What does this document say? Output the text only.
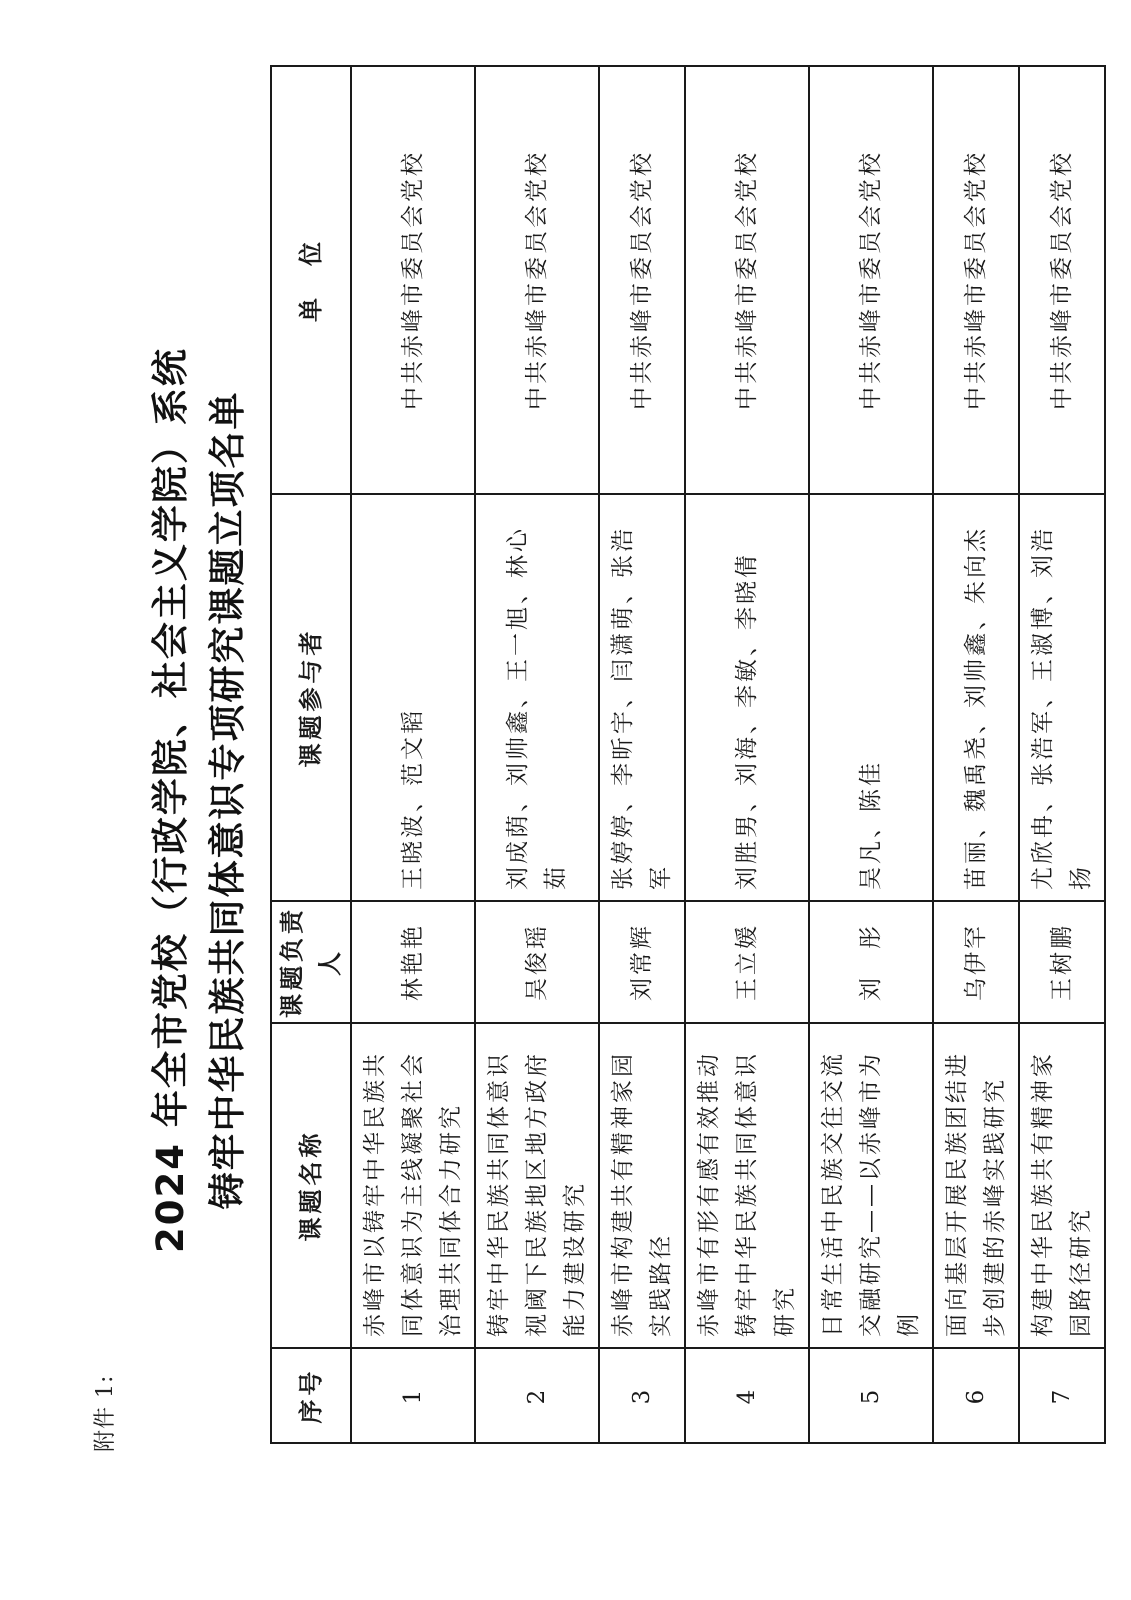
附件 1:
2024 年全市党校（行政学院、社会主义学院）系统 铸牢中华民族共同体意识专项研究课题立项名单
序号	课题名称	课题负责人	课题参与者	单　位
1	赤峰市以铸牢中华民族共同体意识为主线凝聚社会治理共同体合力研究	林艳艳	王晓波、范文韬	中共赤峰市委员会党校
2	铸牢中华民族共同体意识视阈下民族地区地方政府能力建设研究	吴俊瑶	刘成荫、刘帅鑫、王一旭、林心茹	中共赤峰市委员会党校
3	赤峰市构建共有精神家园实践路径	刘常辉	张婷婷、李昕宇、闫潇萌、张浩军	中共赤峰市委员会党校
4	赤峰市有形有感有效推动铸牢中华民族共同体意识研究	王立媛	刘胜男、刘海、李敏、李晓倩	中共赤峰市委员会党校
5	日常生活中民族交往交流交融研究——以赤峰市为例	刘　彤	吴凡、陈佳	中共赤峰市委员会党校
6	面向基层开展民族团结进步创建的赤峰实践研究	乌伊罕	苗丽、魏禹尧、刘帅鑫、朱向杰	中共赤峰市委员会党校
7	构建中华民族共有精神家园路径研究	王树鹏	尤欣冉、张浩军、王淑博、刘浩扬	中共赤峰市委员会党校
